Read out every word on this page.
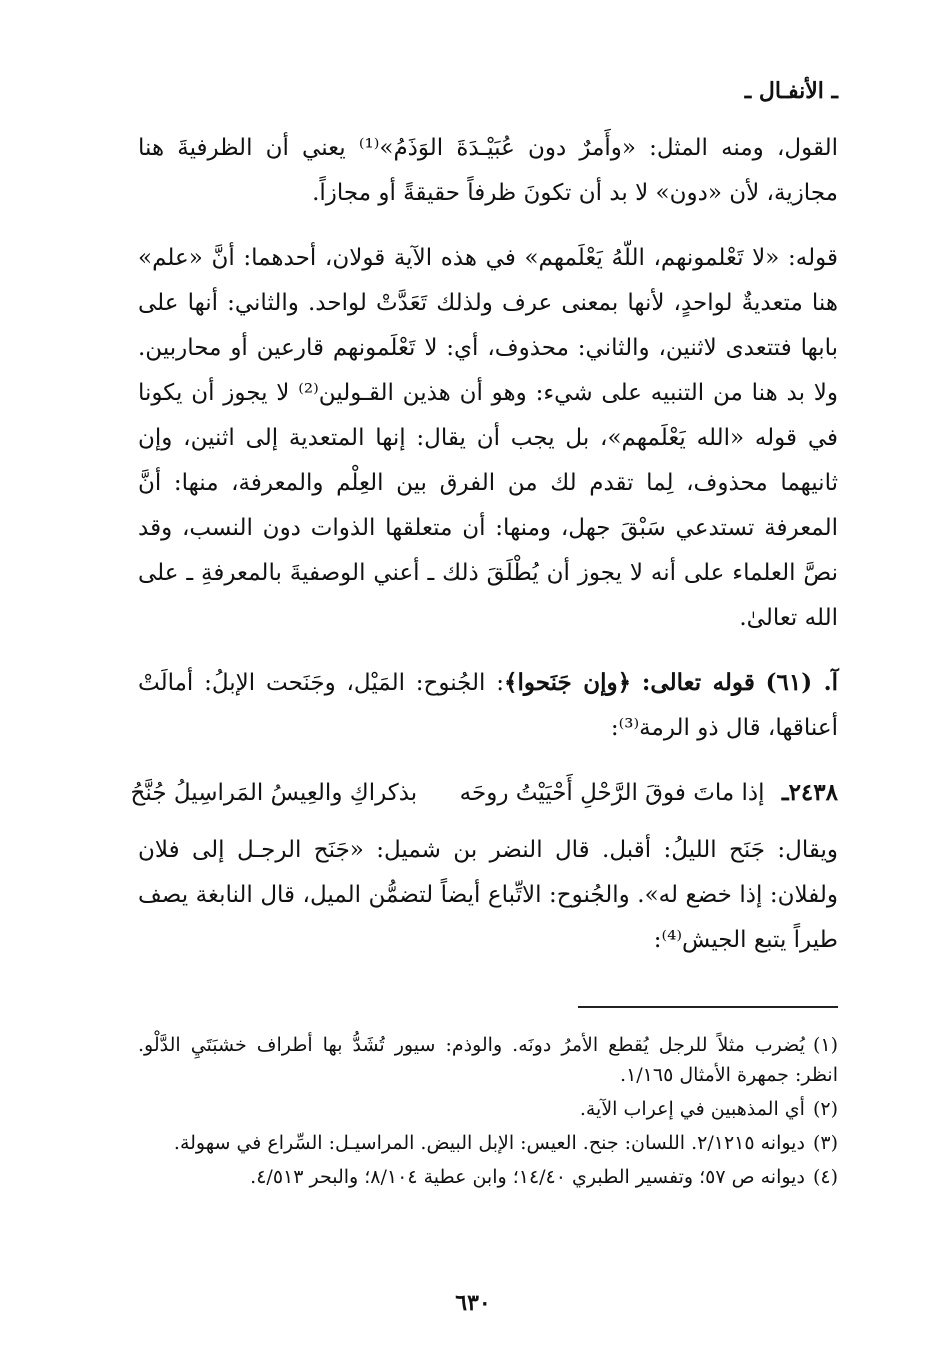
ـ الأنفـال ـ

القول، ومنه المثل: «وأَمرٌ دون عُبَيْـدَةَ الوَذَمُ»⁽¹⁾ يعني أن الظرفيةَ هنا مجازية، لأن «دون» لا بد أن تكونَ ظرفاً حقيقةً أو مجازاً.

قوله: «لا تَعْلمونهم، اللّهُ يَعْلَمهم» في هذه الآية قولان، أحدهما: أنَّ «علم» هنا متعديةٌ لواحدٍ، لأنها بمعنى عرف ولذلك تَعَدَّتْ لواحد. والثاني: أنها على بابها فتتعدى لاثنين، والثاني: محذوف، أي: لا تَعْلَمونهم قارعين أو محاربين. ولا بد هنا من التنبيه على شيء: وهو أن هذين القـولين⁽²⁾ لا يجوز أن يكونا في قوله «الله يَعْلَمهم»، بل يجب أن يقال: إنها المتعدية إلى اثنين، وإن ثانيهما محذوف، لِما تقدم لك من الفرق بين العِلْم والمعرفة، منها: أنَّ المعرفة تستدعي سَبْقَ جهل، ومنها: أن متعلقها الذوات دون النسب، وقد نصَّ العلماء على أنه لا يجوز أن يُطْلَقَ ذلك ـ أعني الوصفيةَ بالمعرفةِ ـ على الله تعالىٰ.

آ. (٦١) قوله تعالى: ﴿وإن جَنَحوا﴾: الجُنوح: المَيْل، وجَنَحت الإبلُ: أمالَتْ أعناقها، قال ذو الرمة⁽³⁾:

٢٤٣٨ـ إذا ماتَ فوقَ الرَّحْلِ أَحْيَيْتُ روحَه بذكراكِ والعِيسُ المَراسِيلُ جُنَّحُ

ويقال: جَنَح الليلُ: أقبل. قال النضر بن شميل: «جَنَح الرجـل إلى فلان ولفلان: إذا خضع له». والجُنوح: الاتِّباع أيضاً لتضمُّن الميل، قال النابغة يصف طيراً يتبع الجيش⁽⁴⁾:

(١)يُضرب مثلاً للرجل يُقطع الأمرُ دونَه. والوذم: سيور تُشَدُّ بها أطراف خشبَتَيِ الدَّلْو. انظر: جمهرة الأمثال ١/١٦٥.
(٢)أي المذهبين في إعراب الآية.
(٣)ديوانه ٢/١٢١٥. اللسان: جنح. العيس: الإبل البيض. المراسيـل: السِّراع في سهولة.
(٤)ديوانه ص ٥٧؛ وتفسير الطبري ١٤/٤٠؛ وابن عطية ٨/١٠٤؛ والبحر ٤/٥١٣.
٦٣٠
